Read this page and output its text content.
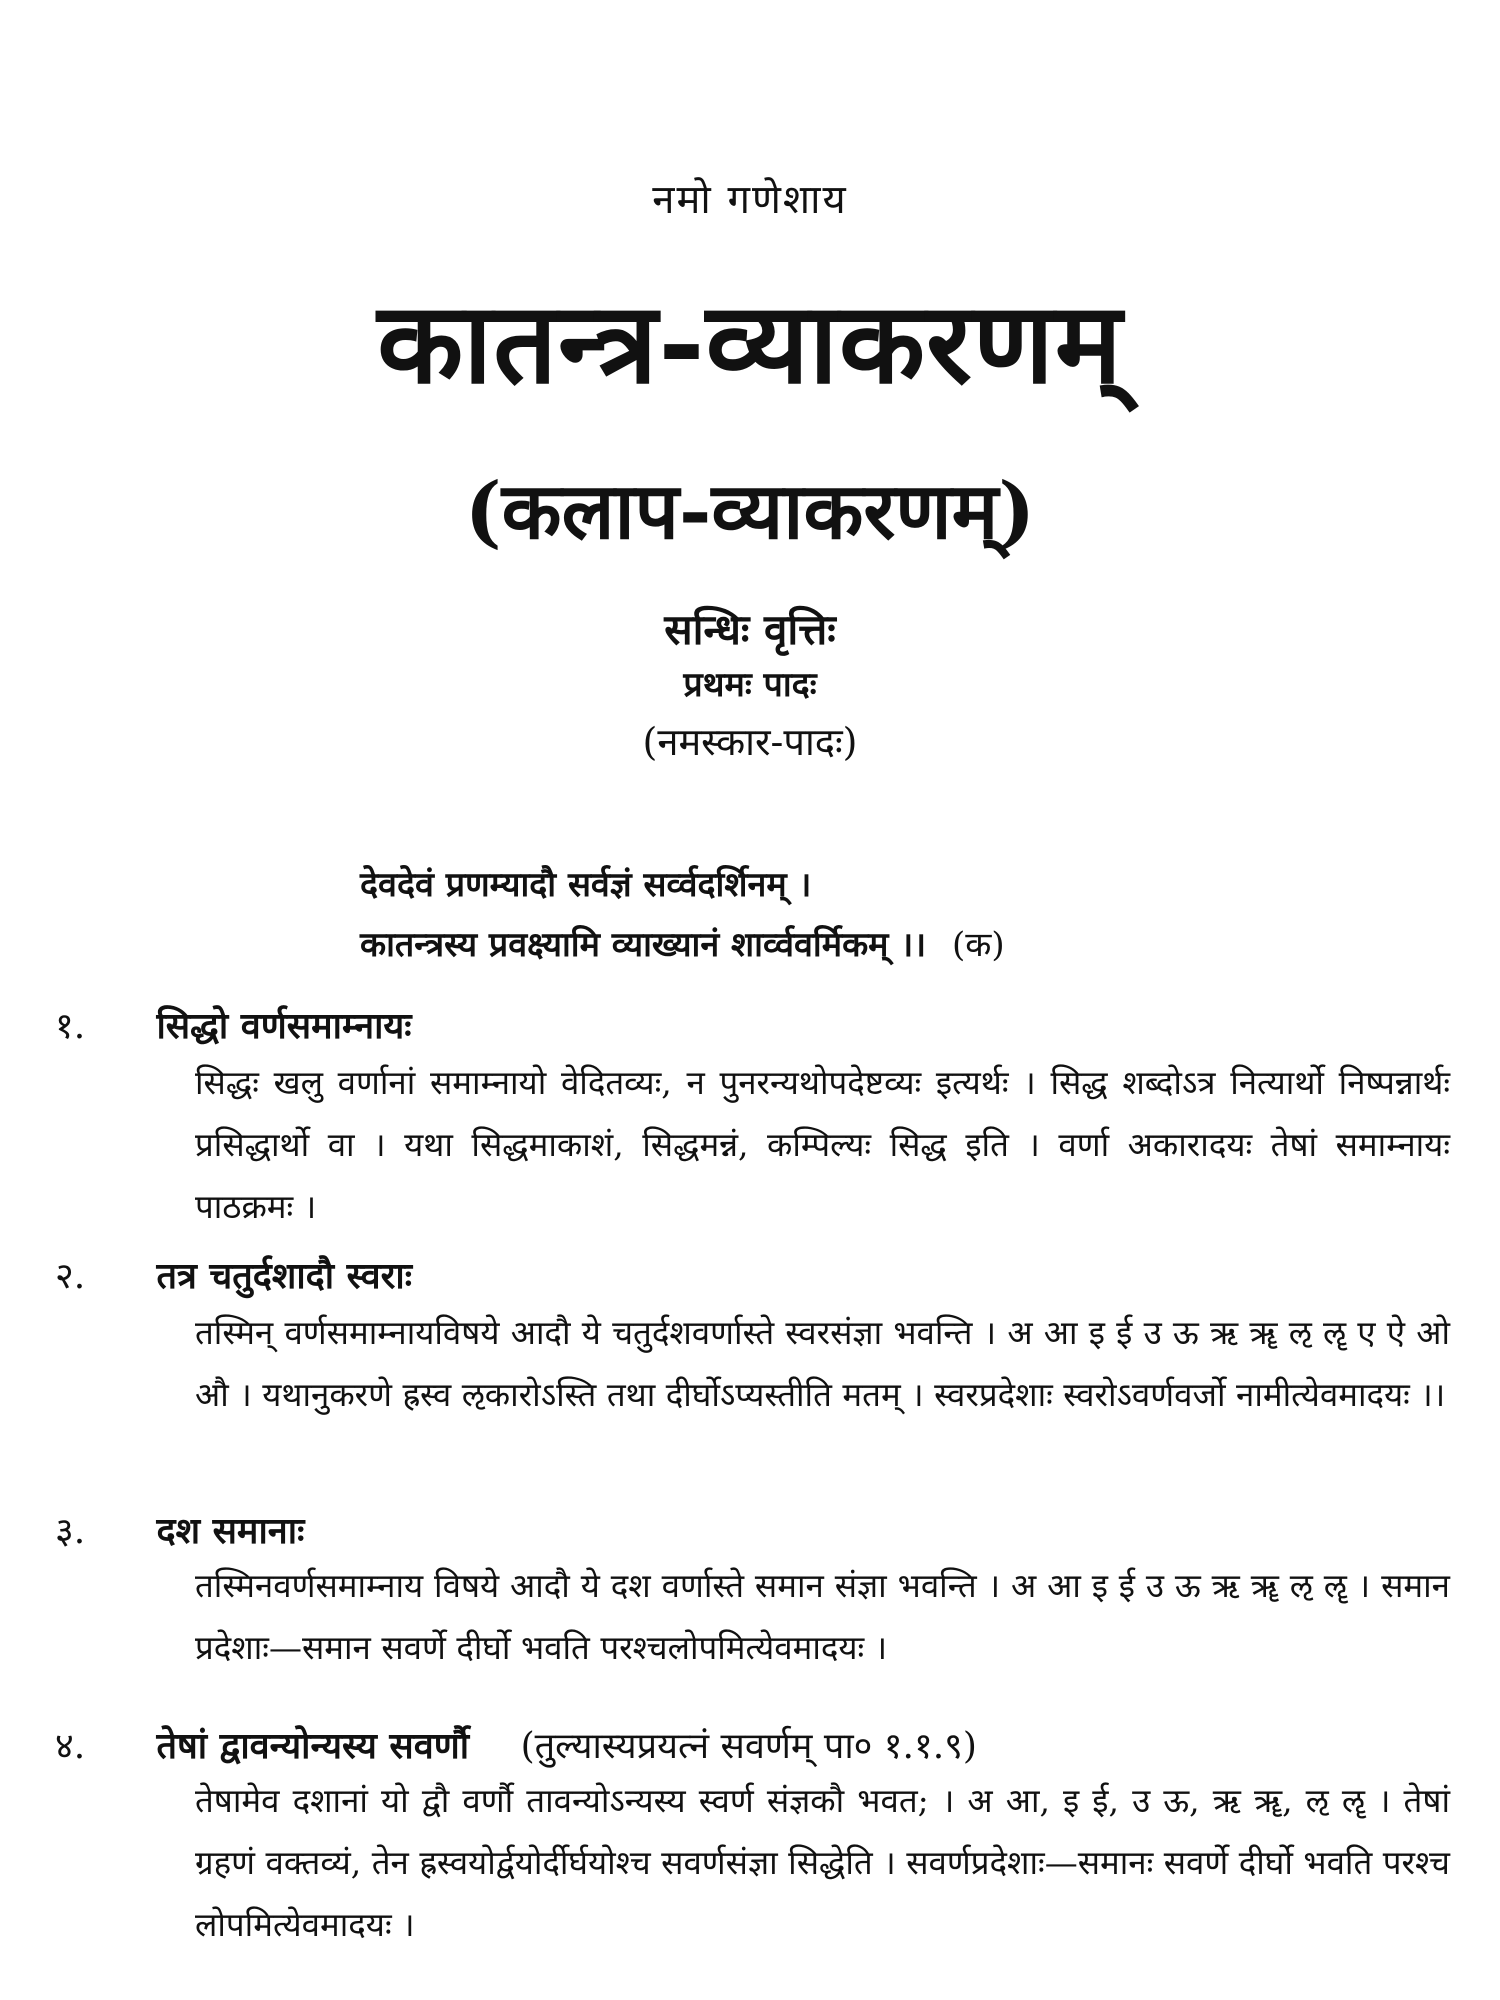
नमो गणेशाय
कातन्त्र-व्याकरणम्
(कलाप-व्याकरणम्)
सन्धिः वृत्तिः
प्रथमः पादः
(नमस्कार-पादः)
देवदेवं प्रणम्यादौ सर्वज्ञं सर्व्वदर्शिनम् ।
कातन्त्रस्य प्रवक्ष्यामि व्याख्यानं शार्व्ववर्मिकम् ।। (क)
१. सिद्धो वर्णसमाम्नायः
सिद्धः खलु वर्णानां समाम्नायो वेदितव्यः, न पुनरन्यथोपदेष्टव्यः इत्यर्थः । सिद्ध शब्दोऽत्र नित्यार्थो निष्पन्नार्थः प्रसिद्धार्थो वा । यथा सिद्धमाकाशं, सिद्धमन्नं, कम्पिल्यः सिद्ध इति । वर्णा अकारादयः तेषां समाम्नायः पाठक्रमः ।
२. तत्र चतुर्दशादौ स्वराः
तस्मिन् वर्णसमाम्नायविषये आदौ ये चतुर्दशवर्णास्ते स्वरसंज्ञा भवन्ति । अ आ इ ई उ ऊ ऋ ॠ ऌ ॡ ए ऐ ओ औ । यथानुकरणे ह्रस्व ऌकारोऽस्ति तथा दीर्घोऽप्यस्तीति मतम् । स्वरप्रदेशाः स्वरोऽवर्णवर्जो नामीत्येवमादयः ।।
३. दश समानाः
तस्मिनवर्णसमाम्नाय विषये आदौ ये दश वर्णास्ते समान संज्ञा भवन्ति । अ आ इ ई उ ऊ ऋ ॠ ऌ ॡ । समान प्रदेशाः—समान सवर्णे दीर्घो भवति परश्चलोपमित्येवमादयः ।
४. तेषां द्वावन्योन्यस्य सवर्णौ (तुल्यास्यप्रयत्नं सवर्णम् पा० १.१.९)
तेषामेव दशानां यो द्वौ वर्णौ तावन्योऽन्यस्य स्वर्ण संज्ञकौ भवत; । अ आ, इ ई, उ ऊ, ऋ ॠ, ऌ ॡ । तेषां ग्रहणं वक्तव्यं, तेन ह्रस्वयोर्द्वयोर्दीर्घयोश्च सवर्णसंज्ञा सिद्धेति । सवर्णप्रदेशाः—समानः सवर्णे दीर्घो भवति परश्च लोपमित्येवमादयः ।
